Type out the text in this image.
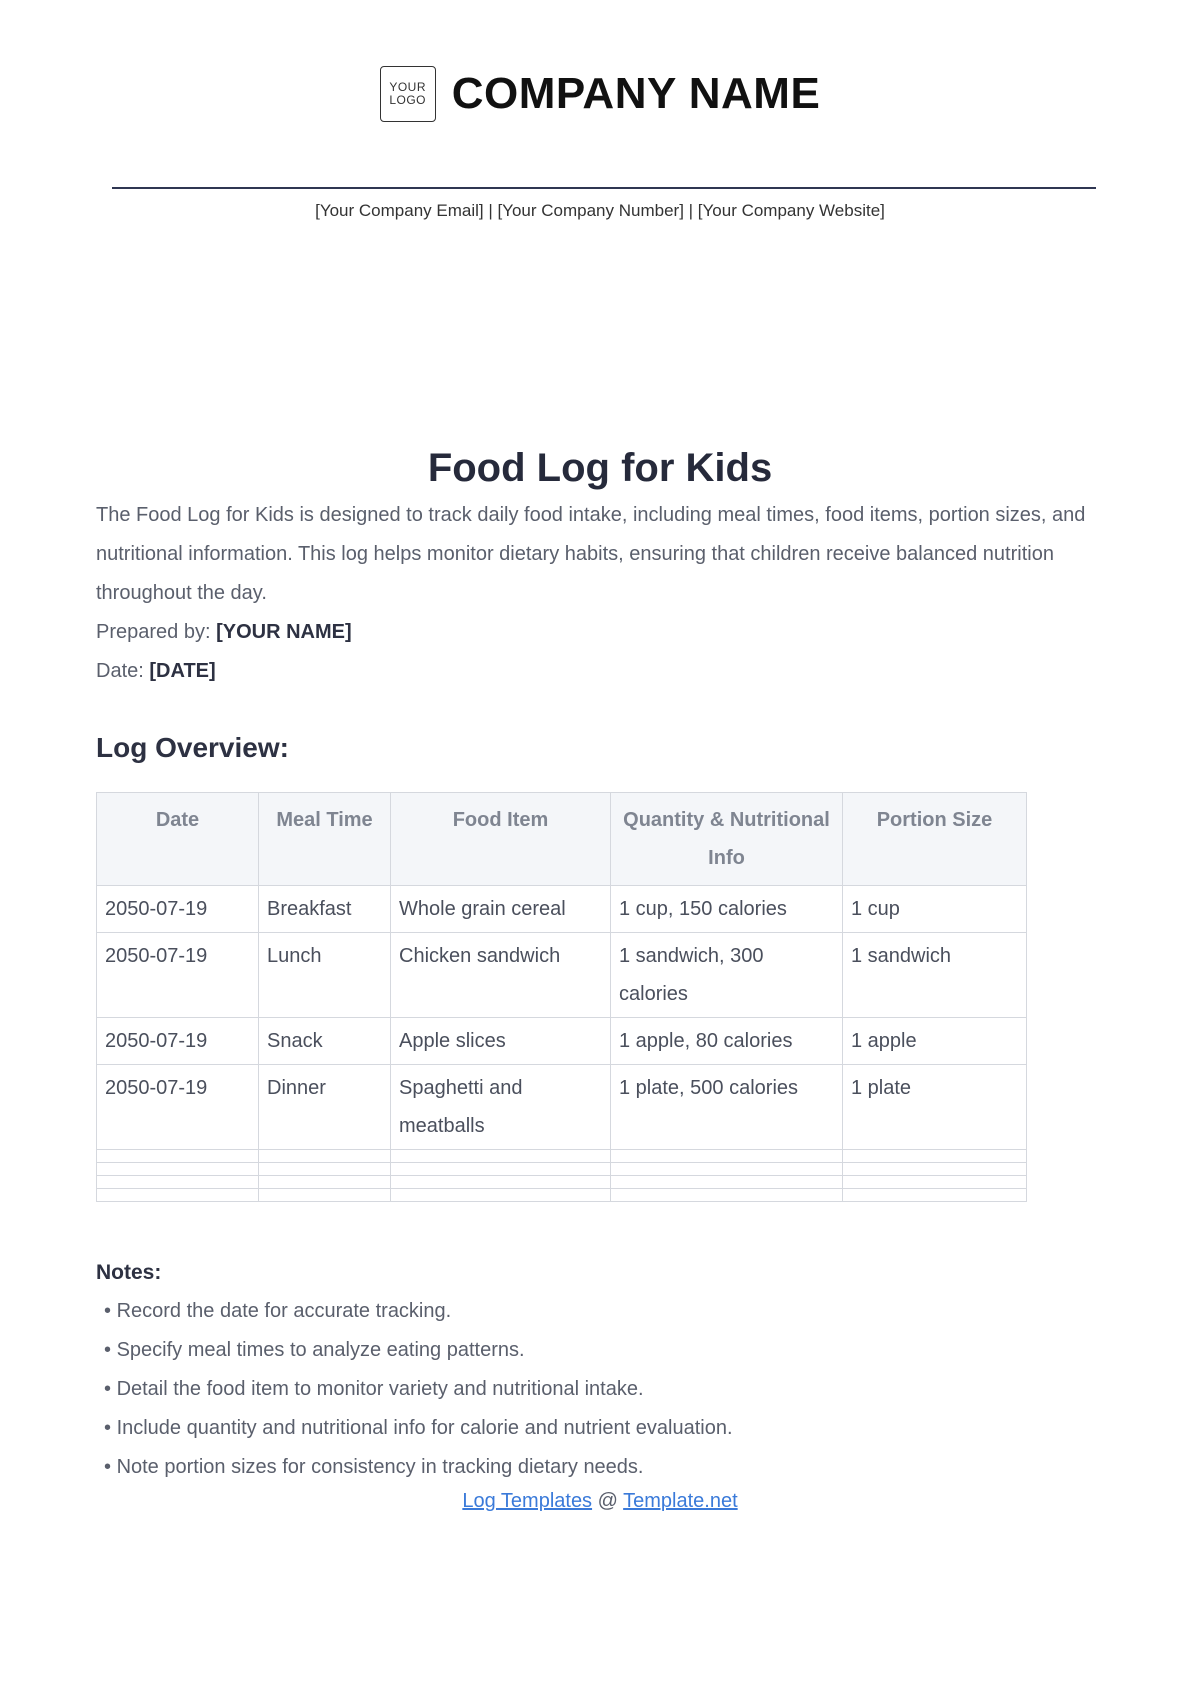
YOUR
LOGO COMPANY NAME
[Your Company Email] | [Your Company Number] | [Your Company Website]
Food Log for Kids

The Food Log for Kids is designed to track daily food intake, including meal times, food items, portion sizes, and nutritional information. This log helps monitor dietary habits, ensuring that children receive balanced nutrition throughout the day.

Prepared by: [YOUR NAME]
Date: [DATE]
Log Overview:
Date	Meal Time	Food Item	Quantity & Nutritional Info	Portion Size
2050-07-19	Breakfast	Whole grain cereal	1 cup, 150 calories	1 cup
2050-07-19	Lunch	Chicken sandwich	1 sandwich, 300 calories	1 sandwich
2050-07-19	Snack	Apple slices	1 apple, 80 calories	1 apple
2050-07-19	Dinner	Spaghetti and meatballs	1 plate, 500 calories	1 plate

Notes:
• Record the date for accurate tracking.
• Specify meal times to analyze eating patterns.
• Detail the food item to monitor variety and nutritional intake.
• Include quantity and nutritional info for calorie and nutrient evaluation.
• Note portion sizes for consistency in tracking dietary needs.
Log Templates @ Template.net
